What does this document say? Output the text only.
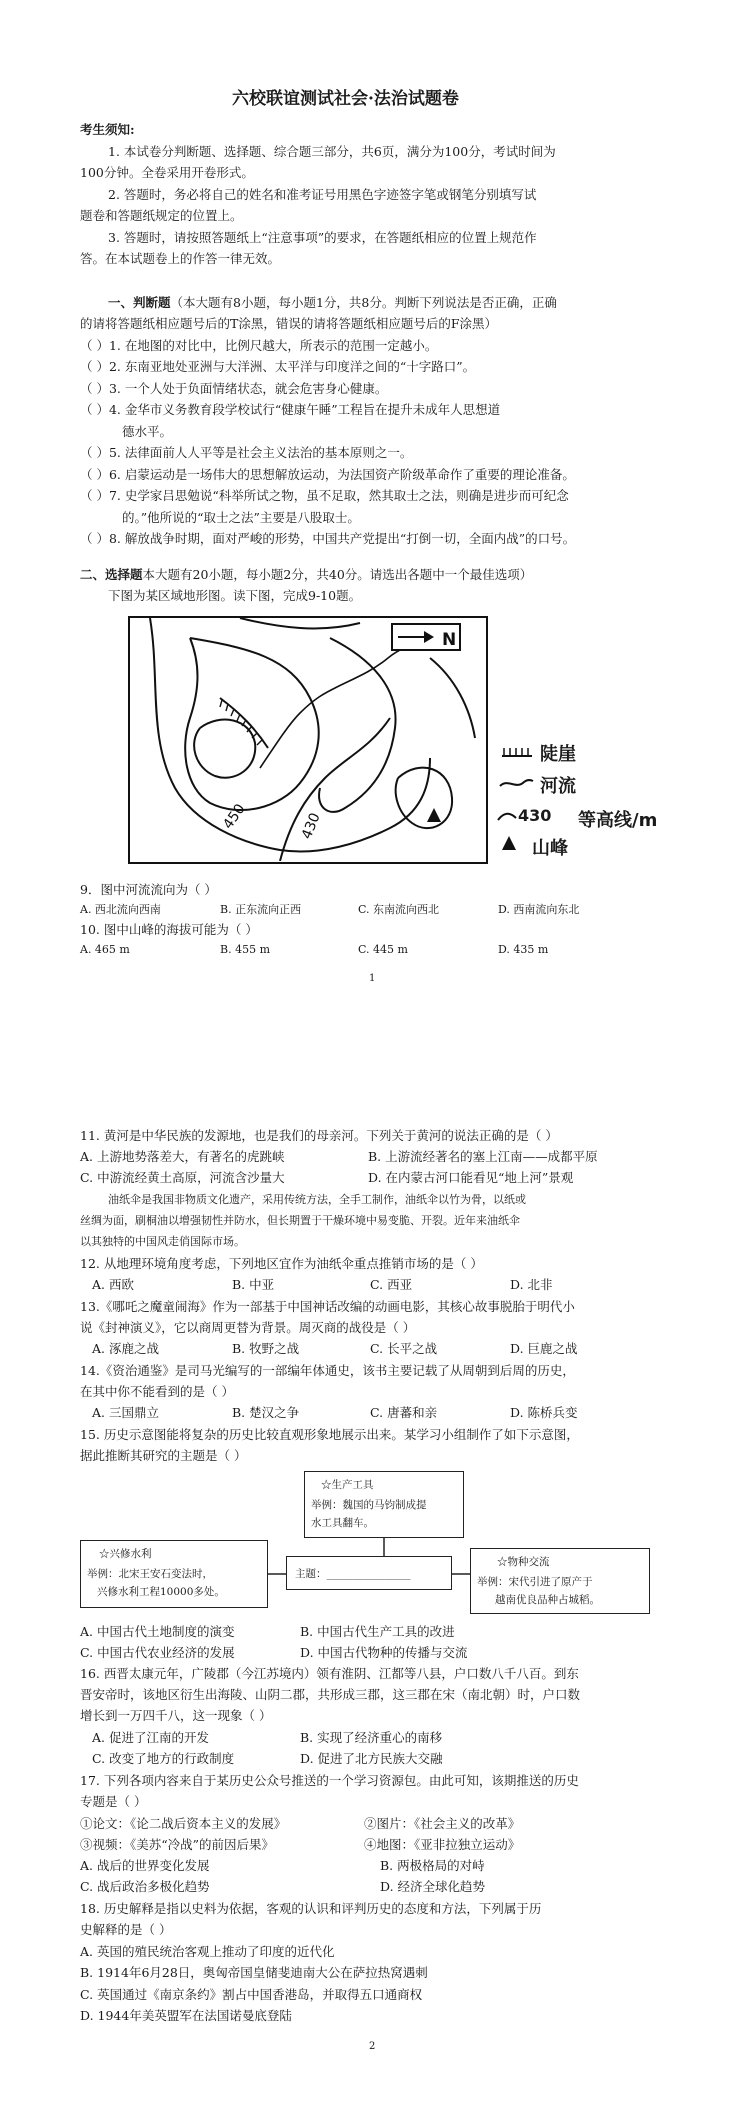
六校联谊测试社会·法治试题卷
考生须知:
1. 本试卷分判断题、选择题、综合题三部分，共6页，满分为100分，考试时间为
100分钟。全卷采用开卷形式。
2. 答题时，务必将自己的姓名和准考证号用黑色字迹签字笔或钢笔分别填写试
题卷和答题纸规定的位置上。
3. 答题时，请按照答题纸上“注意事项”的要求，在答题纸相应的位置上规范作
答。在本试题卷上的作答一律无效。
一、判断题（本大题有8小题，每小题1分，共8分。判断下列说法是否正确，正确
的请将答题纸相应题号后的T涂黑，错误的请将答题纸相应题号后的F涂黑）
（ ）1. 在地图的对比中，比例尺越大，所表示的范围一定越小。
（ ）2. 东南亚地处亚洲与大洋洲、太平洋与印度洋之间的“十字路口”。
（ ）3. 一个人处于负面情绪状态，就会危害身心健康。
（ ）4. 金华市义务教育段学校试行“健康午睡”工程旨在提升未成年人思想道
德水平。
（ ）5. 法律面前人人平等是社会主义法治的基本原则之一。
（ ）6. 启蒙运动是一场伟大的思想解放运动，为法国资产阶级革命作了重要的理论准备。
（ ）7. 史学家吕思勉说“科举所试之物，虽不足取，然其取士之法，则确是进步而可纪念
的。”他所说的“取士之法”主要是八股取士。
（ ）8. 解放战争时期，面对严峻的形势，中国共产党提出“打倒一切，全面内战”的口号。
二、选择题本大题有20小题，每小题2分，共40分。请选出各题中一个最佳选项）
下图为某区域地形图。读下图，完成9-10题。
N
450	430
陡崖
河流
430 等高线/m
山峰
9．图中河流流向为（ ）
A. 西北流向西南	B. 正东流向正西	C. 东南流向西北	D. 西南流向东北
10. 图中山峰的海拔可能为（ ）
A. 465 m	B. 455 m	C. 445 m	D. 435 m
1
11. 黄河是中华民族的发源地，也是我们的母亲河。下列关于黄河的说法正确的是（ ）
A. 上游地势落差大，有著名的虎跳峡	B. 上游流经著名的塞上江南——成都平原
C. 中游流经黄土高原，河流含沙量大	D. 在内蒙古河口能看见“地上河”景观
油纸伞是我国非物质文化遗产，采用传统方法，全手工制作，油纸伞以竹为骨，以纸或
丝绸为面，刷桐油以增强韧性并防水，但长期置于干燥环境中易变脆、开裂。近年来油纸伞
以其独特的中国风走俏国际市场。
12. 从地理环境角度考虑，下列地区宜作为油纸伞重点推销市场的是（ ）
A. 西欧	B. 中亚	C. 西亚	D. 北非
13.《哪吒之魔童闹海》作为一部基于中国神话改编的动画电影，其核心故事脱胎于明代小
说《封神演义》，它以商周更替为背景。周灭商的战役是（ ）
A. 涿鹿之战	B. 牧野之战	C. 长平之战	D. 巨鹿之战
14.《资治通鉴》是司马光编写的一部编年体通史，该书主要记载了从周朝到后周的历史，
在其中你不能看到的是（ ）
A. 三国鼎立	B. 楚汉之争	C. 唐蕃和亲	D. 陈桥兵变
15. 历史示意图能将复杂的历史比较直观形象地展示出来。某学习小组制作了如下示意图，
据此推断其研究的主题是（ ）
☆生产工具
举例：魏国的马钧制成提
水工具翻车。
☆兴修水利
举例：北宋王安石变法时，
兴修水利工程10000多处。
主题：________________
☆物种交流
举例：宋代引进了原产于
越南优良品种占城稻。
A. 中国古代土地制度的演变	B. 中国古代生产工具的改进
C. 中国古代农业经济的发展	D. 中国古代物种的传播与交流
16. 西晋太康元年，广陵郡（今江苏境内）领有淮阴、江都等八县，户口数八千八百。到东
晋安帝时，该地区衍生出海陵、山阴二郡，共形成三郡，这三郡在宋（南北朝）时，户口数
增长到一万四千八，这一现象（ ）
A. 促进了江南的开发	B. 实现了经济重心的南移
C. 改变了地方的行政制度	D. 促进了北方民族大交融
17. 下列各项内容来自于某历史公众号推送的一个学习资源包。由此可知，该期推送的历史
专题是（ ）
①论文：《论二战后资本主义的发展》	②图片：《社会主义的改革》
③视频：《美苏“冷战”的前因后果》	④地图：《亚非拉独立运动》
A. 战后的世界变化发展	B. 两极格局的对峙
C. 战后政治多极化趋势	D. 经济全球化趋势
18. 历史解释是指以史料为依据，客观的认识和评判历史的态度和方法，下列属于历
史解释的是（ ）
A. 英国的殖民统治客观上推动了印度的近代化
B. 1914年6月28日，奥匈帝国皇储斐迪南大公在萨拉热窝遇刺
C. 英国通过《南京条约》割占中国香港岛，并取得五口通商权
D. 1944年美英盟军在法国诺曼底登陆
2
